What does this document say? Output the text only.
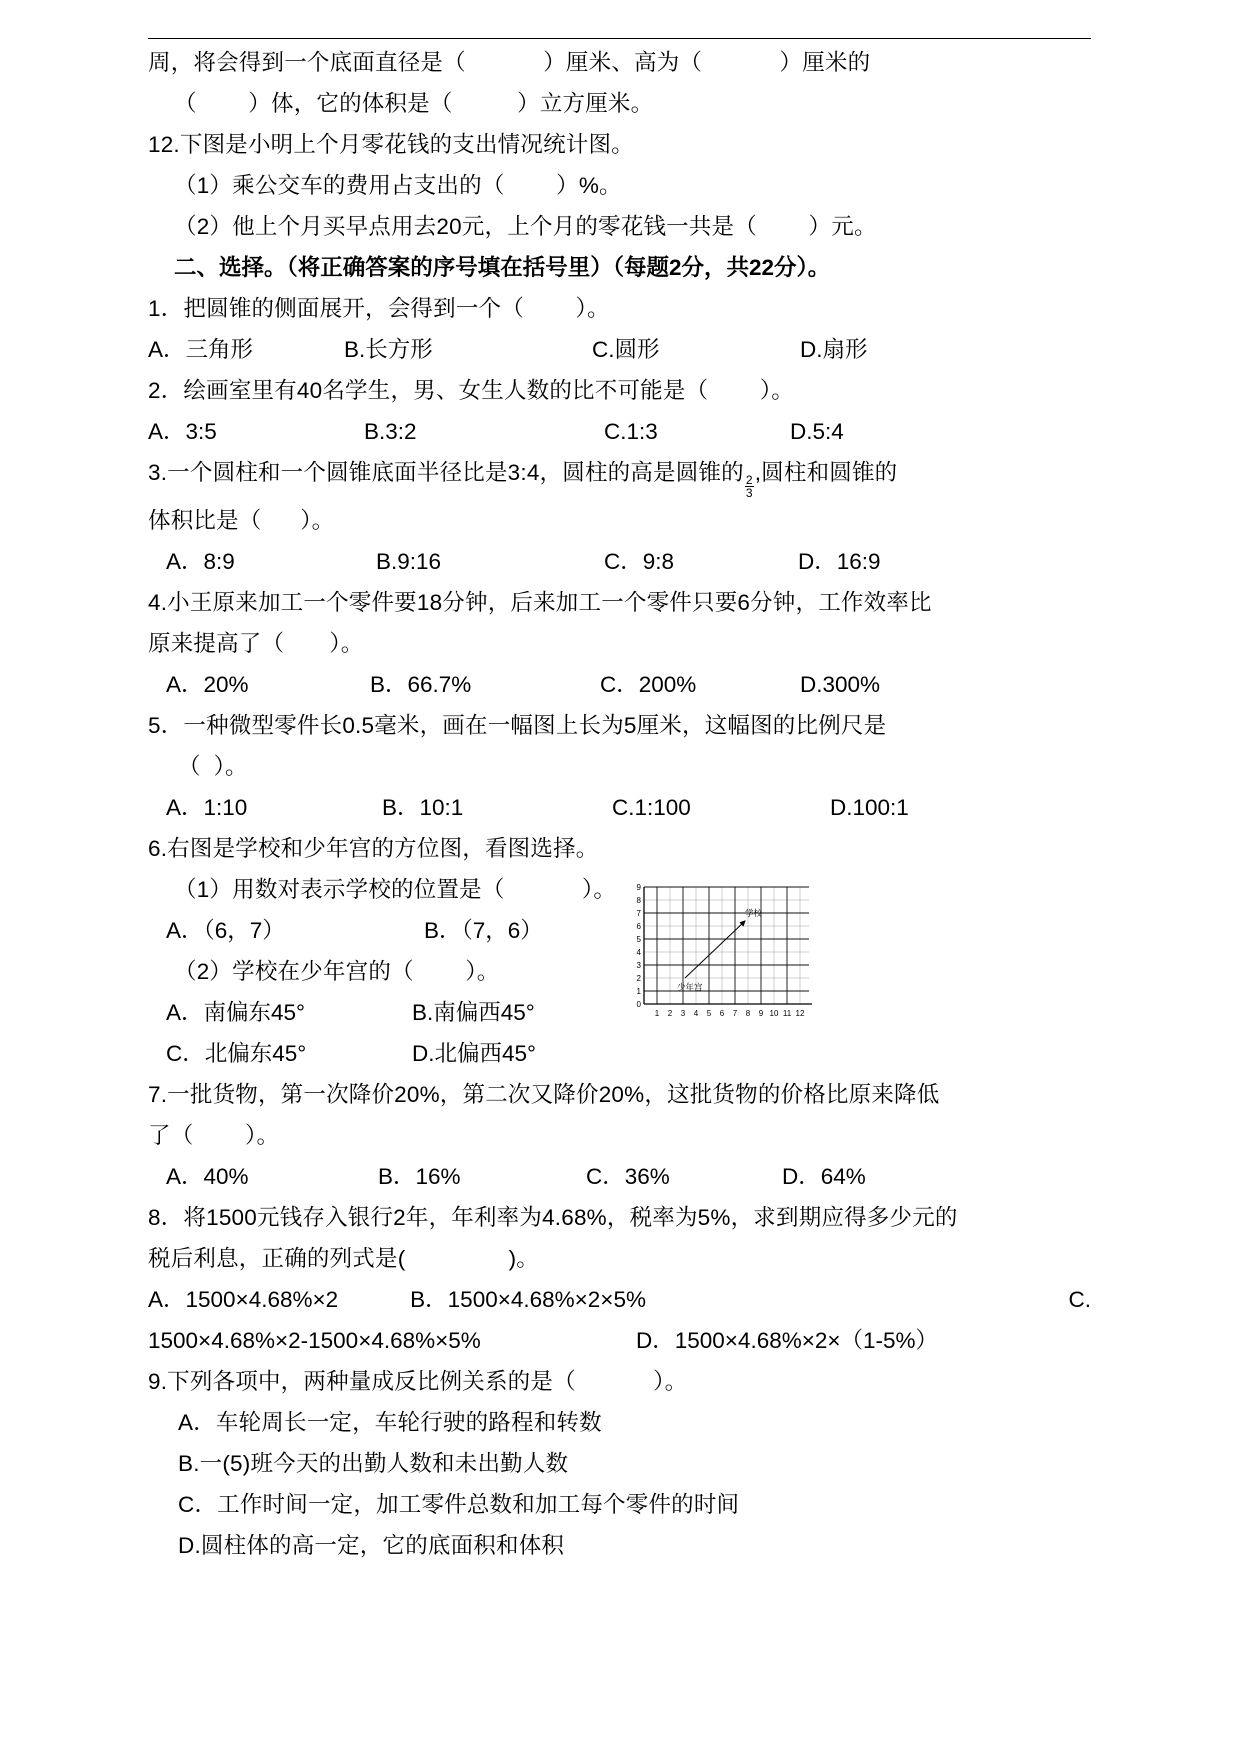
周，将会得到一个底面直径是（            ）厘米、高为（            ）厘米的
（        ）体，它的体积是（          ）立方厘米。
12.下图是小明上个月零花钱的支出情况统计图。
（1）乘公交车的费用占支出的（        ）%。
（2）他上个月买早点用去20元，上个月的零花钱一共是（        ）元。
二、选择。（将正确答案的序号填在括号里）（每题2分，共22分）。
1．把圆锥的侧面展开，会得到一个（        ）。
A．三角形	B.长方形	C.圆形	D.扇形
2．绘画室里有40名学生，男、女生人数的比不可能是（        ）。
A．3:5	B.3:2	C.1:3	D.5:4
3.一个圆柱和一个圆锥底面半径比是3:4，圆柱的高是圆锥的
$\frac{2}{3}$
,圆柱和圆锥的
体积比是（      ）。
A．8:9	B.9:16	C．9:8	D．16:9
4.小王原来加工一个零件要18分钟，后来加工一个零件只要6分钟，工作效率比
原来提高了（       ）。
A．20%	B．66.7%	C．200%	D.300%
5．一种微型零件长0.5毫米，画在一幅图上长为5厘米，这幅图的比例尺是
（  ）。
A．1:10	B．10:1	C.1:100	D.100:1
6.右图是学校和少年宫的方位图，看图选择。
（1）用数对表示学校的位置是（            ）。
A．（6，7）	B．（7，6）
（2）学校在少年宫的（        ）。
A．南偏东45°	B.南偏西45°
C．北偏东45°	D.北偏西45°
7.一批货物，第一次降价20%，第二次又降价20%，这批货物的价格比原来降低
了（        ）。
A．40%	B．16%	C．36%	D．64%
8．将1500元钱存入银行2年，年利率为4.68%，税率为5%，求到期应得多少元的
税后利息，正确的列式是(                )。
A．1500×4.68%×2	B．1500×4.68%×2×5%	C.
1500×4.68%×2-1500×4.68%×5%	D．1500×4.68%×2×（1-5%）
9.下列各项中，两种量成反比例关系的是（            ）。
A．车轮周长一定，车轮行驶的路程和转数
B.一(5)班今天的出勤人数和未出勤人数
C．工作时间一定，加工零件总数和加工每个零件的时间
D.圆柱体的高一定，它的底面积和体积
9
8
7
6
5
4
3
2
1
0
1 2 3 4 5 6 7 8 9 10 11 12
学校
少年宫
